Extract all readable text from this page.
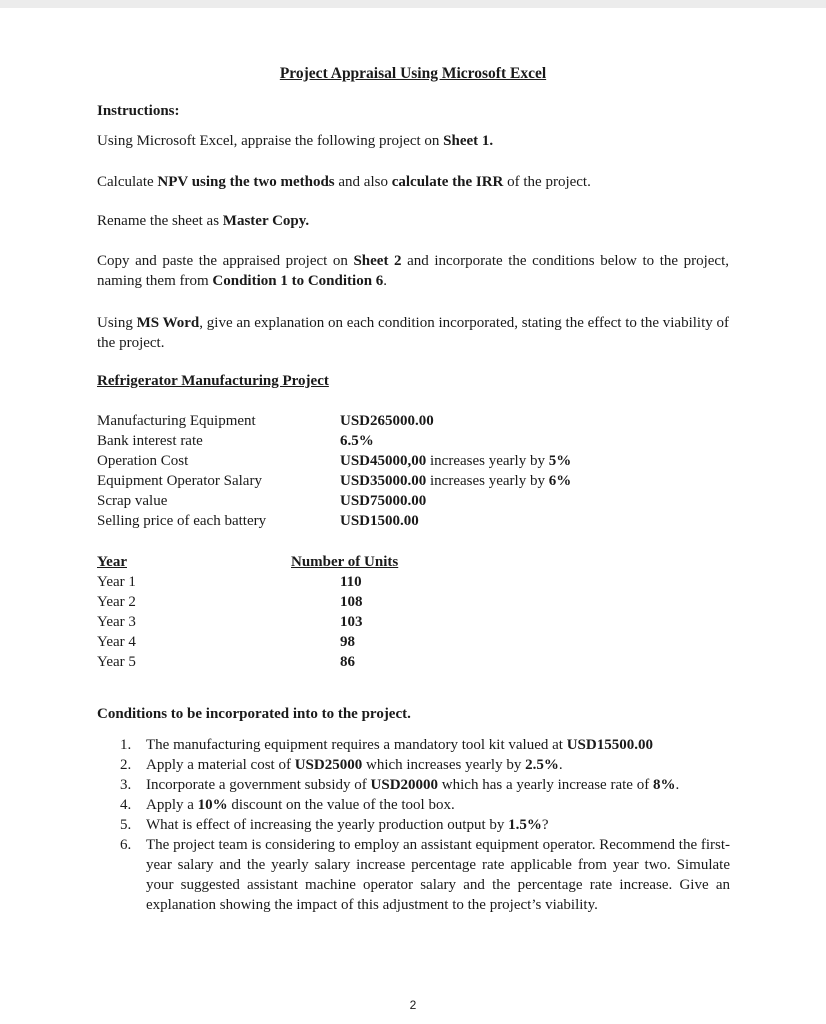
Project Appraisal Using Microsoft Excel
Instructions:
Using Microsoft Excel, appraise the following project on Sheet 1.
Calculate NPV using the two methods and also calculate the IRR of the project.
Rename the sheet as Master Copy.
Copy and paste the appraised project on Sheet 2 and incorporate the conditions below to the project, naming them from Condition 1 to Condition 6.
Using MS Word, give an explanation on each condition incorporated, stating the effect to the viability of the project.
Refrigerator Manufacturing Project
Manufacturing Equipment	USD265000.00
Bank interest rate	6.5%
Operation Cost	USD45000,00 increases yearly by 5%
Equipment Operator Salary	USD35000.00 increases yearly by 6%
Scrap value	USD75000.00
Selling price of each battery	USD1500.00
Year	Number of Units
Year 1	110
Year 2	108
Year 3	103
Year 4	98
Year 5	86
Conditions to be incorporated into to the project.
1. The manufacturing equipment requires a mandatory tool kit valued at USD15500.00
2. Apply a material cost of USD25000 which increases yearly by 2.5%.
3. Incorporate a government subsidy of USD20000 which has a yearly increase rate of 8%.
4. Apply a 10% discount on the value of the tool box.
5. What is effect of increasing the yearly production output by 1.5%?
6. The project team is considering to employ an assistant equipment operator. Recommend the first-year salary and the yearly salary increase percentage rate applicable from year two. Simulate your suggested assistant machine operator salary and the percentage rate increase. Give an explanation showing the impact of this adjustment to the project’s viability.
2
